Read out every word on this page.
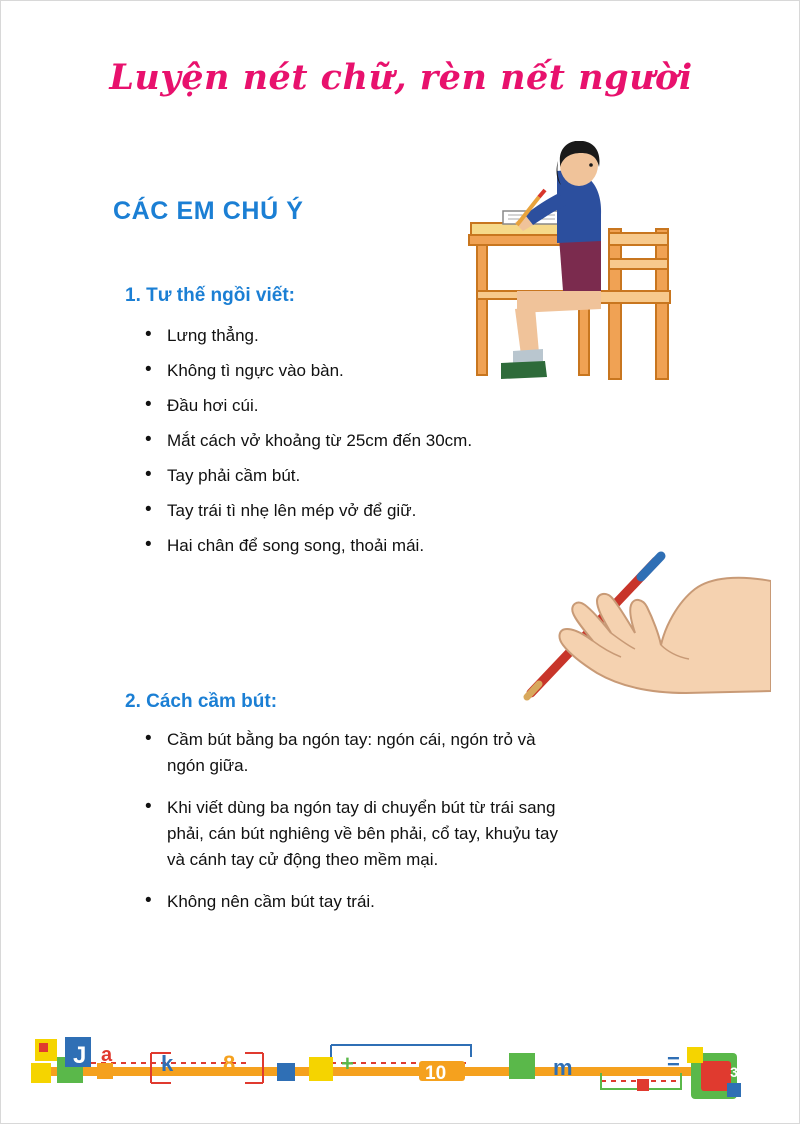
Luyện nét chữ, rèn nết người
CÁC EM CHÚ Ý
1. Tư thế ngồi viết:
• Lưng thẳng.
• Không tì ngực vào bàn.
• Đầu hơi cúi.
• Mắt cách vở khoảng từ 25cm đến 30cm.
• Tay phải cầm bút.
• Tay trái tì nhẹ lên mép vở để giữ.
• Hai chân để song song, thoải mái.
2. Cách cầm bút:
• Cầm bút bằng ba ngón tay: ngón cái, ngón trỏ và ngón giữa.
• Khi viết dùng ba ngón tay di chuyển bút từ trái sang phải, cán bút nghiêng về bên phải, cổ tay, khuỷu tay và cánh tay cử động theo mềm mại.
• Không nên cầm bút tay trái.
J a k 8	+	10	m	=	3
